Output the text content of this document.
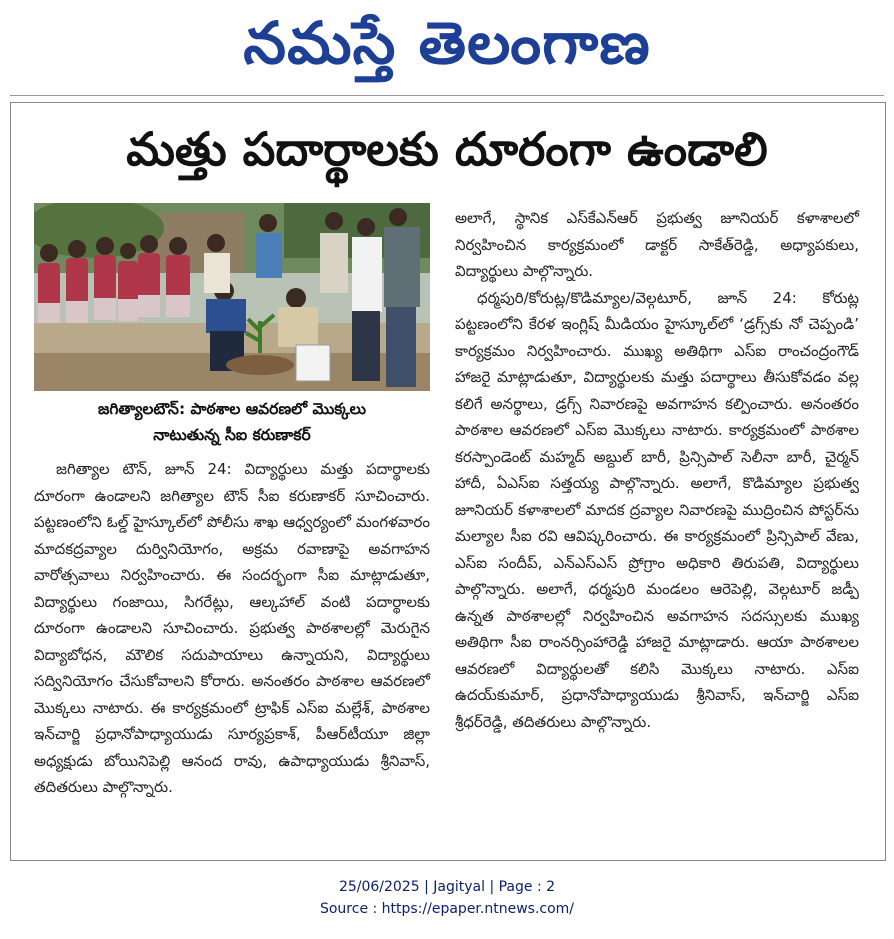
నమస్తే తెలంగాణ
మత్తు పదార్థాలకు దూరంగా ఉండాలి
జగిత్యాలటౌన్: పాఠశాల ఆవరణలో మొక్కలు
నాటుతున్న సీఐ కరుణాకర్

జగిత్యాల టౌన్, జూన్ 24: విద్యార్థులు మత్తు పదార్థాలకు దూరంగా ఉండాలని జగిత్యాల టౌన్ సీఐ కరుణాకర్ సూచించారు. పట్టణంలోని ఓల్డ్ హైస్కూల్‌లో పోలీసు శాఖ ఆధ్వర్యంలో మంగళవారం మాదకద్రవ్యాల దుర్వినియోగం, అక్రమ రవాణాపై అవగాహన వారోత్సవాలు నిర్వహించారు. ఈ సందర్భంగా సీఐ మాట్లాడుతూ, విద్యార్థులు గంజాయి, సిగరేట్లు, ఆల్కహాల్ వంటి పదార్థాలకు దూరంగా ఉండాలని సూచించారు. ప్రభుత్వ పాఠశాలల్లో మెరుగైన విద్యాబోధన, మౌలిక సదుపాయాలు ఉన్నాయని, విద్యార్థులు సద్వినియోగం చేసుకోవాలని కోరారు. అనంతరం పాఠశాల ఆవరణలో మొక్కలు నాటారు. ఈ కార్యక్రమంలో ట్రాఫిక్ ఎస్ఐ మల్లేశ్, పాఠశాల ఇన్‌చార్జి ప్రధానోపాధ్యాయుడు సూర్యప్రకాశ్, పీఆర్‌టీయూ జిల్లా అధ్యక్షుడు బోయినిపెల్లి ఆనంద రావు, ఉపాధ్యాయుడు శ్రీనివాస్, తదితరులు పాల్గొన్నారు.

అలాగే, స్థానిక ఎస్‌కేఎన్‌ఆర్ ప్రభుత్వ జూనియర్ కళాశాలలో నిర్వహించిన కార్యక్రమంలో డాక్టర్ సాకేత్‌రెడ్డి, అధ్యాపకులు, విద్యార్థులు పాల్గొన్నారు.

ధర్మపురి/కోరుట్ల/కొడిమ్యాల/వెల్గటూర్, జూన్ 24: కోరుట్ల పట్టణంలోని కేరళ ఇంగ్లిష్ మీడియం హైస్కూల్‌లో ‘డ్రగ్స్‌కు నో చెప్పండి’ కార్యక్రమం నిర్వహించారు. ముఖ్య అతిథిగా ఎస్ఐ రాంచంద్రంగౌడ్ హాజరై మాట్లాడుతూ, విద్యార్థులకు మత్తు పదార్థాలు తీసుకోవడం వల్ల కలిగే అనర్థాలు, డ్రగ్స్ నివారణపై అవగాహన కల్పించారు. అనంతరం పాఠశాల ఆవరణలో ఎస్ఐ మొక్కలు నాటారు. కార్యక్రమంలో పాఠశాల కరస్పాండెంట్ మహ్మద్ అబ్దుల్ బారీ, ప్రిన్సిపాల్ సెలీనా బారీ, చైర్మన్ హాదీ, ఏఎస్ఐ సత్తయ్య పాల్గొన్నారు. అలాగే, కొడిమ్యాల ప్రభుత్వ జూనియర్ కళాశాలలో మాదక ద్రవ్యాల నివారణపై ముద్రించిన పోస్టర్‌ను మల్యాల సీఐ రవి ఆవిష్కరించారు. ఈ కార్యక్రమంలో ప్రిన్సిపాల్ వేణు, ఎస్ఐ సందీప్, ఎన్ఎస్ఎస్ ప్రోగ్రాం అధికారి తిరుపతి, విద్యార్థులు పాల్గొన్నారు. అలాగే, ధర్మపురి మండలం ఆరెపెల్లి, వెల్గటూర్ జడ్పీ ఉన్నత పాఠశాలల్లో నిర్వహించిన అవగాహన సదస్సులకు ముఖ్య అతిథిగా సీఐ రాంనర్సింహారెడ్డి హాజరై మాట్లాడారు. ఆయా పాఠశాలల ఆవరణలో విద్యార్థులతో కలిసి మొక్కలు నాటారు. ఎస్ఐ ఉదయ్‌కుమార్, ప్రధానోపాధ్యాయుడు శ్రీనివాస్, ఇన్‌చార్జి ఎస్ఐ శ్రీధర్‌రెడ్డి, తదితరులు పాల్గొన్నారు.

25/06/2025 | Jagityal | Page : 2
Source : https://epaper.ntnews.com/
